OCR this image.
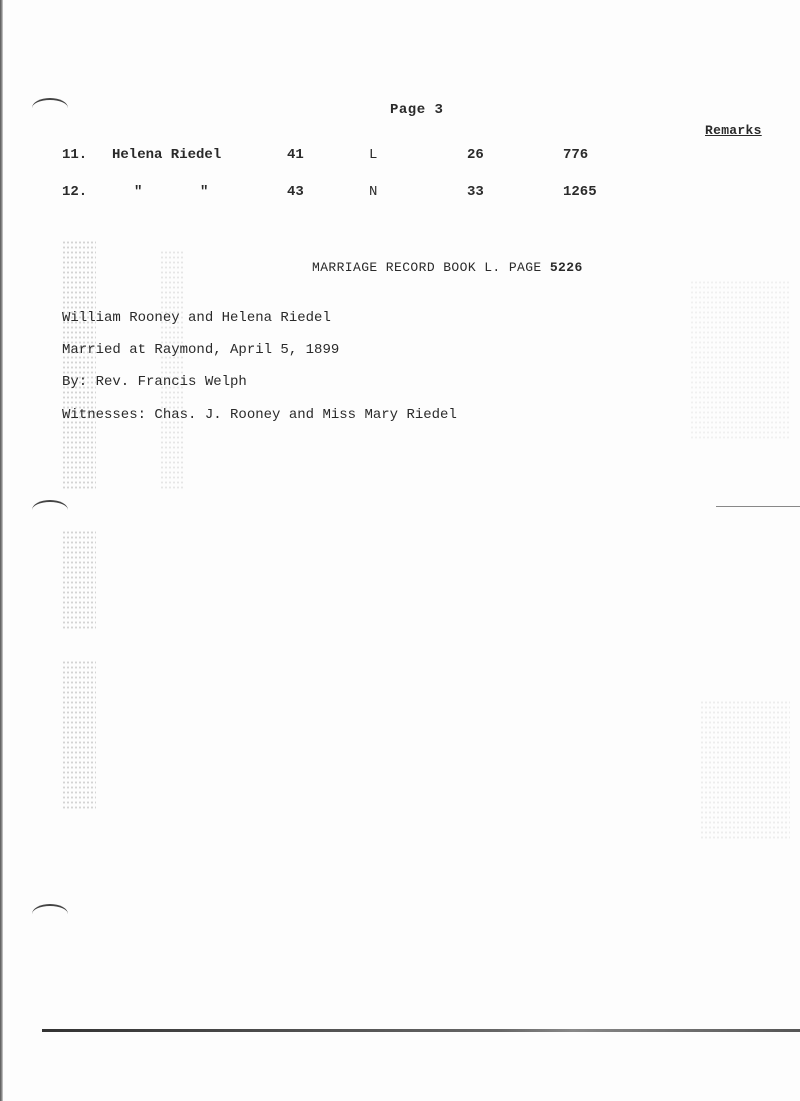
Page 3
Remarks
11. Helena Riedel	41	L	26	776
12.	"	"	43	N	33	1265
MARRIAGE RECORD BOOK L. PAGE 5226
William Rooney and Helena Riedel
Married at Raymond, April 5, 1899
By: Rev. Francis Welph
Witnesses: Chas. J. Rooney and Miss Mary Riedel
